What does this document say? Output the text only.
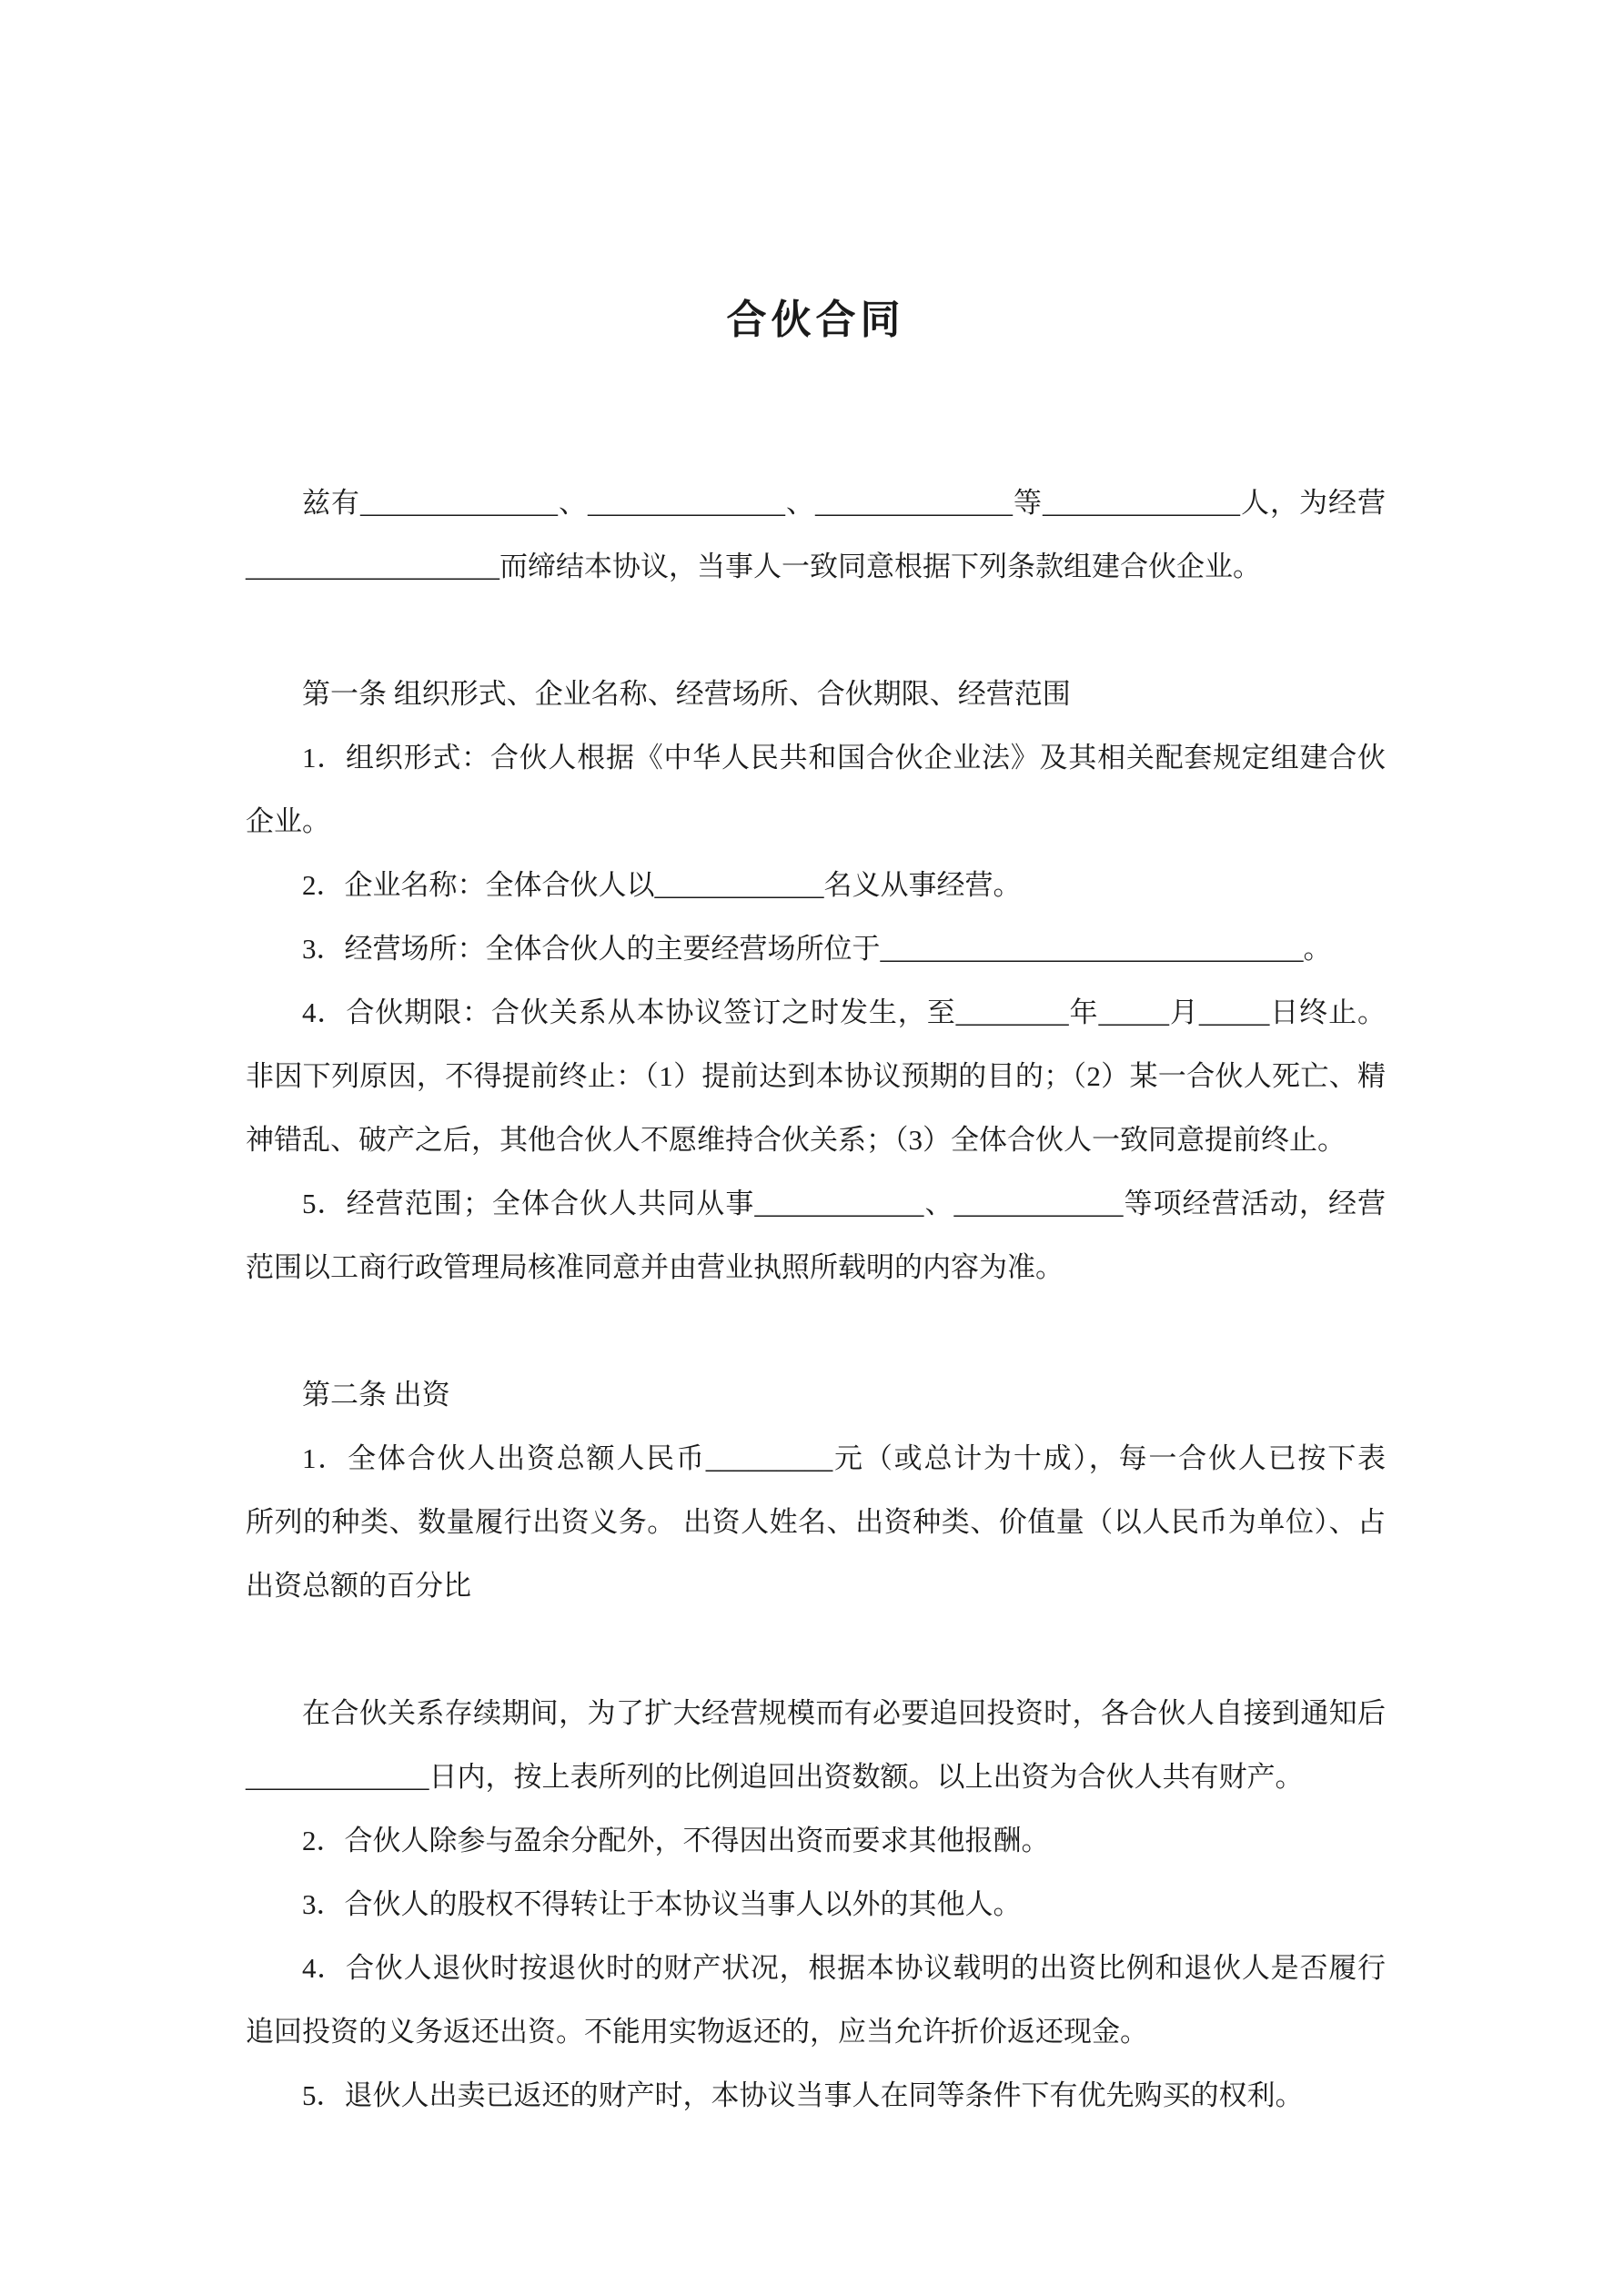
合伙合同
兹有______________、______________、______________等______________人，为经营
__________________而缔结本协议，当事人一致同意根据下列条款组建合伙企业。
第一条 组织形式、企业名称、经营场所、合伙期限、经营范围
1．组织形式：合伙人根据《中华人民共和国合伙企业法》及其相关配套规定组建合伙
企业。
2．企业名称：全体合伙人以____________名义从事经营。
3．经营场所：全体合伙人的主要经营场所位于______________________________。
4．合伙期限：合伙关系从本协议签订之时发生，至________年_____月_____日终止。
非因下列原因，不得提前终止：（1）提前达到本协议预期的目的；（2）某一合伙人死亡、精
神错乱、破产之后，其他合伙人不愿维持合伙关系；（3）全体合伙人一致同意提前终止。
5．经营范围；全体合伙人共同从事____________、____________等项经营活动，经营
范围以工商行政管理局核准同意并由营业执照所载明的内容为准。
第二条 出资
1．全体合伙人出资总额人民币_________元（或总计为十成），每一合伙人已按下表
所列的种类、数量履行出资义务。 出资人姓名、出资种类、价值量（以人民币为单位）、占
出资总额的百分比
在合伙关系存续期间，为了扩大经营规模而有必要追回投资时，各合伙人自接到通知后
_____________日内，按上表所列的比例追回出资数额。以上出资为合伙人共有财产。
2．合伙人除参与盈余分配外，不得因出资而要求其他报酬。
3．合伙人的股权不得转让于本协议当事人以外的其他人。
4．合伙人退伙时按退伙时的财产状况，根据本协议载明的出资比例和退伙人是否履行
追回投资的义务返还出资。不能用实物返还的，应当允许折价返还现金。
5．退伙人出卖已返还的财产时，本协议当事人在同等条件下有优先购买的权利。
